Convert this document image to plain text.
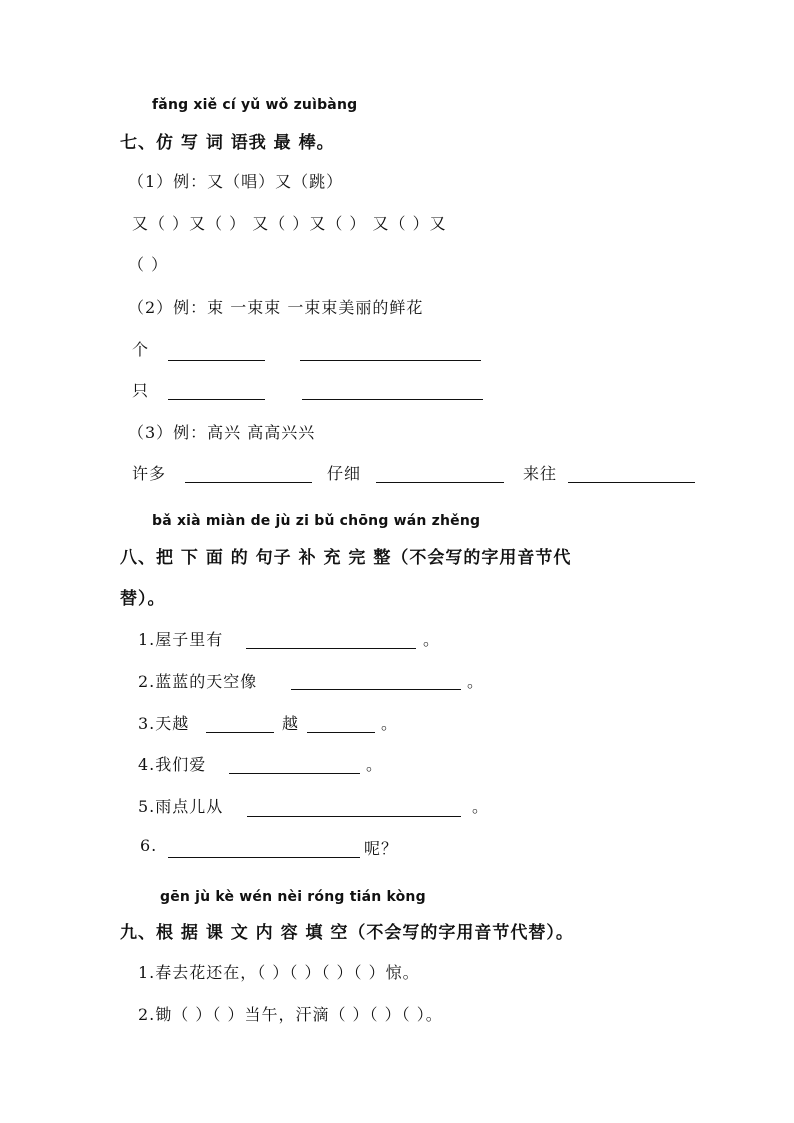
fǎng xiě cí yǔ wǒ zuìbàng
七、仿 写 词 语我 最 棒。
（1）例：又（唱）又（跳）
又（ ）又（ ） 又（ ）又（ ） 又（ ）又
（ ）
（2）例：束 一束束 一束束美丽的鲜花
个
只
（3）例：高兴 高高兴兴
许多	仔细	来往
bǎ xià miàn de jù zi bǔ chōng wán zhěng
八、把 下 面 的 句子 补 充 完 整（不会写的字用音节代
替）。
1.屋子里有	。
2.蓝蓝的天空像	。
3.天越	越	。
4.我们爱	。
5.雨点儿从	。
6.	呢？
gēn jù kè wén nèi róng tián kòng
九、根 据 课 文 内 容 填 空（不会写的字用音节代替）。
1.春去花还在，（ ）（ ）（ ）（ ）惊。
2.锄（ ）（ ）当午，汗滴（ ）（ ）（ ）。
